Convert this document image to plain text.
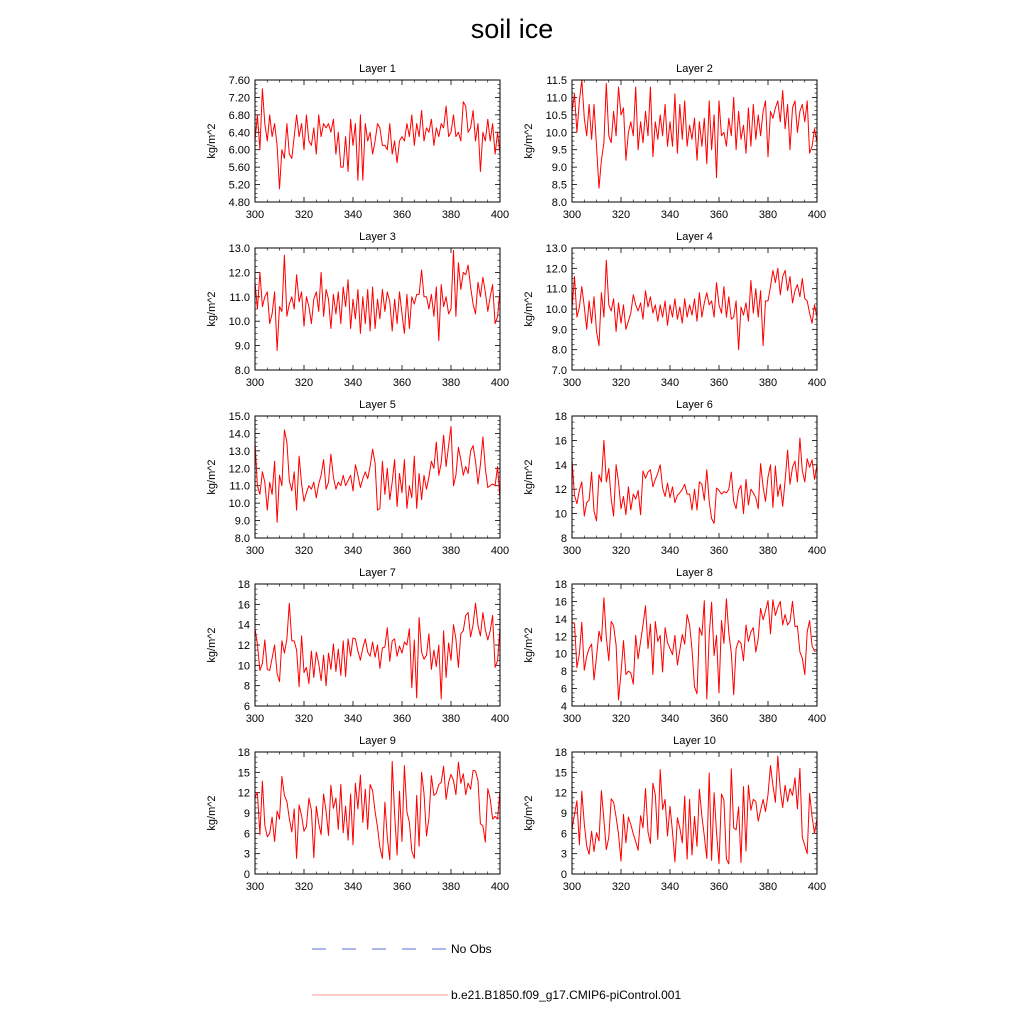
soil ice
Layer 1
kg/m^2
4.80
5.20
5.60
6.00
6.40
6.80
7.20
7.60
300	320	340	360	380	400
Layer 2
kg/m^2
8.0
8.5
9.0
9.5
10.0
10.5
11.0
11.5
300	320	340	360	380	400
Layer 3
kg/m^2
8.0
9.0
10.0
11.0
12.0
13.0
300	320	340	360	380	400
Layer 4
kg/m^2
7.0
8.0
9.0
10.0
11.0
12.0
13.0
300	320	340	360	380	400
Layer 5
kg/m^2
8.0
9.0
10.0
11.0
12.0
13.0
14.0
15.0
300	320	340	360	380	400
Layer 6
kg/m^2
8
10
12
14
16
18
300	320	340	360	380	400
Layer 7
kg/m^2
6
8
10
12
14
16
18
300	320	340	360	380	400
Layer 8
kg/m^2
4
6
8
10
12
14
16
18
300	320	340	360	380	400
Layer 9
kg/m^2
0
3
6
9
12
15
18
300	320	340	360	380	400
Layer 10
kg/m^2
0
3
6
9
12
15
18
300	320	340	360	380	400
No Obs
b.e21.B1850.f09_g17.CMIP6-piControl.001
